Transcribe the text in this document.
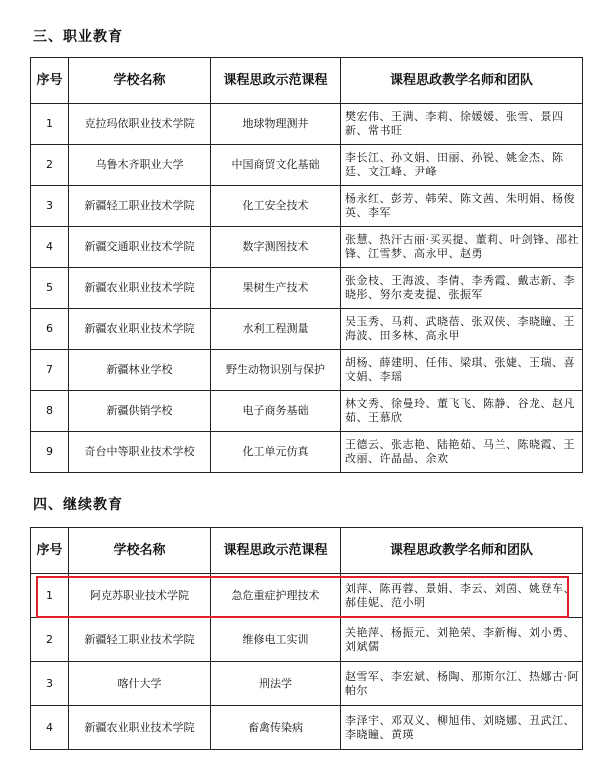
三、职业教育
序号	学校名称	课程思政示范课程	课程思政教学名师和团队
1	克拉玛依职业技术学院	地球物理测井	樊宏伟、王满、李莉、徐媛媛、张雪、景四新、常书旺
2	乌鲁木齐职业大学	中国商贸文化基础	李长江、孙文娟、田丽、孙锐、姚金杰、陈廷、文江峰、尹峰
3	新疆轻工职业技术学院	化工安全技术	杨永红、彭芳、韩荣、陈文茜、朱明娟、杨俊英、李军
4	新疆交通职业技术学院	数字测图技术	张慧、热汗古丽·买买提、董莉、叶剑锋、邵社锋、江雪梦、高永甲、赵勇
5	新疆农业职业技术学院	果树生产技术	张金枝、王海波、李倩、李秀霞、戴志新、李晓彤、努尔麦麦提、张振军
6	新疆农业职业技术学院	水利工程测量	吴玉秀、马莉、武晓蓓、张双侠、李晓瞳、王海波、田多林、高永甲
7	新疆林业学校	野生动物识别与保护	胡杨、薛建明、任伟、梁琪、张婕、王瑞、喜文娟、李瑶
8	新疆供销学校	电子商务基础	林文秀、徐曼玲、董飞飞、陈静、谷龙、赵凡茹、王慕欣
9	奇台中等职业技术学校	化工单元仿真	王德云、张志艳、陆艳茹、马兰、陈晓霞、王改丽、许晶晶、余欢
四、继续教育
序号	学校名称	课程思政示范课程	课程思政教学名师和团队
1	阿克苏职业技术学院	急危重症护理技术	刘萍、陈再蓉、景娟、李云、刘茵、姚登车、郝佳妮、范小明
2	新疆轻工职业技术学院	维修电工实训	关艳萍、杨振元、刘艳荣、李新梅、刘小勇、刘斌儒
3	喀什大学	刑法学	赵雪军、李宏斌、杨陶、那斯尔江、热娜古·阿帕尔
4	新疆农业职业技术学院	畜禽传染病	李泽宇、邓双义、柳旭伟、刘晓娜、丑武江、李晓瞳、黄瑛
